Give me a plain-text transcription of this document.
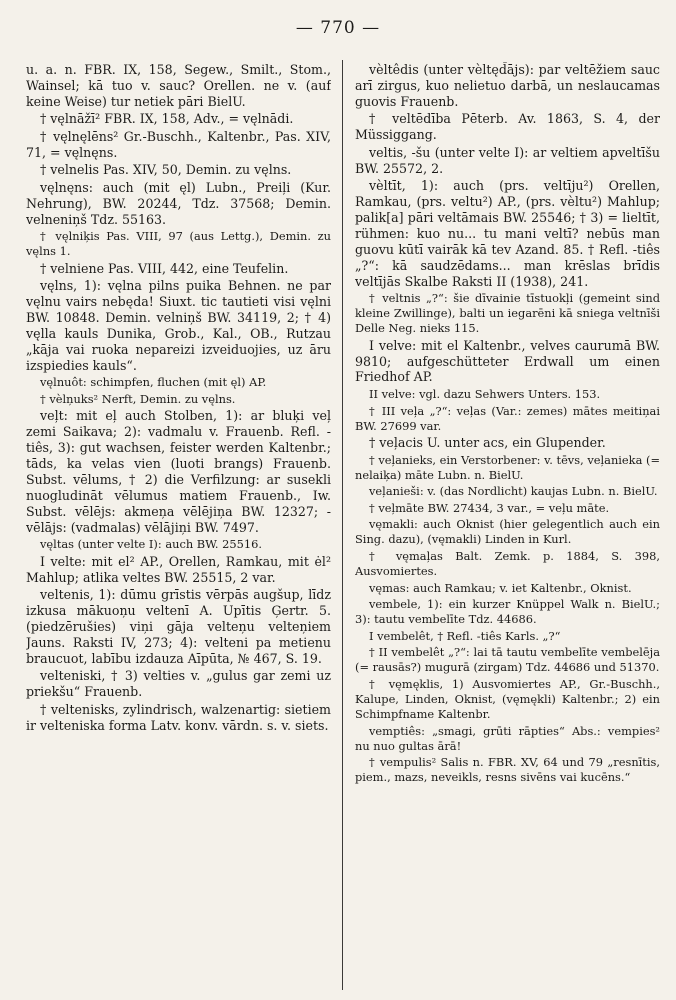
— 770 —

u. a. n. FBR. IX, 158, Segew., Smilt., Stom., Wainsel; kā tuo v. sauc? Orellen. ne v. (auf keine Weise) tur netiek pāri BielU.

† vęlnāžī² FBR. IX, 158, Adv., = vęlnādi.

† vęlnęlēns² Gr.-Buschh., Kaltenbr., Pas. XIV, 71, = vęlnęns.

† velnelis Pas. XIV, 50, Demin. zu vęlns.

vęlnęns: auch (mit ęl) Lubn., Preiļi (Kur. Nehrung), BW. 20244, Tdz. 37568; Demin. velneniņš Tdz. 55163.

† vęlniķis Pas. VIII, 97 (aus Lettg.), Demin. zu vęlns 1.

† velniene Pas. VIII, 442, eine Teufelin.

vęlns, 1): vęlna pilns puika Behnen. ne par vęlnu vairs nebęda! Siuxt. tic tautieti visi vęlni BW. 10848. Demin. velniņš BW. 34119, 2; † 4) vęlla kauls Dunika, Grob., Kal., OB., Rutzau „kāja vai ruoka nepareizi izveiduojies, uz āru izspiedies kauls“.

vęlnuôt: schimpfen, fluchen (mit ęl) AP.

† vèlņuks² Nerft, Demin. zu vęlns.

veļt: mit eļ auch Stolben, 1): ar bluķi veļ zemi Saikava; 2): vadmalu v. Frauenb. Refl. -tiês, 3): gut wachsen, feister werden Kaltenbr.; tāds, ka velas vien (luoti brangs) Frauenb. Subst. vēlums, † 2) die Verfilzung: ar susekli nuogludināt vēlumus matiem Frauenb., Iw. Subst. vēlējs: akmeņa vēlējiņa BW. 12327; -vēlājs: (vadmalas) vēlājiņi BW. 7497.

vęltas (unter velte I): auch BW. 25516.

I velte: mit el² AP., Orellen, Ramkau, mit ėl² Mahlup; atlika veltes BW. 25515, 2 var.

veltenis, 1): dūmu grīstis vērpās augšup, līdz izkusa mākuoņu veltenī A. Upītis Ģertr. 5. (piedzērušies) viņi gāja velteņu velteņiem Jauns. Raksti IV, 273; 4): velteni pa metienu braucuot, labību izdauza Aīpūta, № 467, S. 19.

velteniski, † 3) velties v. „gulus gar zemi uz priekšu“ Frauenb.

† veltenisks, zylindrisch, walzenartig: sietiem ir velteniska forma Latv. konv. vārdn. s. v. siets.

vèltêdis (unter vèltęd̄ājs): par veltēžiem sauc arī zirgus, kuo nelietuo darbā, un neslaucamas guovis Frauenb.

† veltēdība Pēterb. Av. 1863, S. 4, der Müssiggang.

veltis, -šu (unter velte I): ar veltiem apveltīšu BW. 25572, 2.

vèltīt, 1): auch (prs. veltīju²) Orellen, Ramkau, (prs. veltu²) AP., (prs. vèltu²) Mahlup; palik[a] pāri veltāmais BW. 25546; † 3) = lieltīt, rühmen: kuo nu... tu mani veltī? nebūs man guovu kūtī vairāk kā tev Azand. 85. † Refl. -tiês „?“: kā saudzēdams... man krēslas brīdis veltījās Skalbe Raksti II (1938), 241.

† veltnis „?“: šie dīvainie tīstuokļi (gemeint sind kleine Zwillinge), balti un iegarēni kā sniega veltnīši Delle Neg. nieks 115.

I velve: mit el Kaltenbr., velves caurumā BW. 9810; aufgeschütteter Erdwall um einen Friedhof AP.

II velve: vgl. dazu Sehwers Unters. 153.

† III veļa „?“: veļas (Var.: zemes) mātes meitiņai BW. 27699 var.

† veļacis U. unter acs, ein Glupender.

† veļanieks, ein Verstorbener: v. tēvs, veļanieka (= nelaiķa) māte Lubn. n. BielU.

veļanieši: v. (das Nordlicht) kaujas Lubn. n. BielU.

† veļmāte BW. 27434, 3 var., = veļu māte.

vęmakli: auch Oknist (hier gelegentlich auch ein Sing. dazu), (vęmakli) Linden in Kurl.

† vęmaļas Balt. Zemk. p. 1884, S. 398, Ausvomiertes.

vęmas: auch Ramkau; v. iet Kaltenbr., Oknist.

vembele, 1): ein kurzer Knüppel Walk n. BielU.; 3): tautu vembelīte Tdz. 44686.

I vembelêt, † Refl. -tiês Karls. „?“

† II vembelêt „?“: lai tā tautu vembelīte vembelēja (= rausās?) mugurā (zirgam) Tdz. 44686 und 51370.

† vęmęklis, 1) Ausvomiertes AP., Gr.-Buschh., Kalupe, Linden, Oknist, (vęmękli) Kaltenbr.; 2) ein Schimpfname Kaltenbr.

vemptiês: „smagi, grūti rāpties“ Abs.: vempies² nu nuo gultas ārā!

† vempulis² Salis n. FBR. XV, 64 und 79 „resnītis, piem., mazs, neveikls, resns sivēns vai kucēns.“
